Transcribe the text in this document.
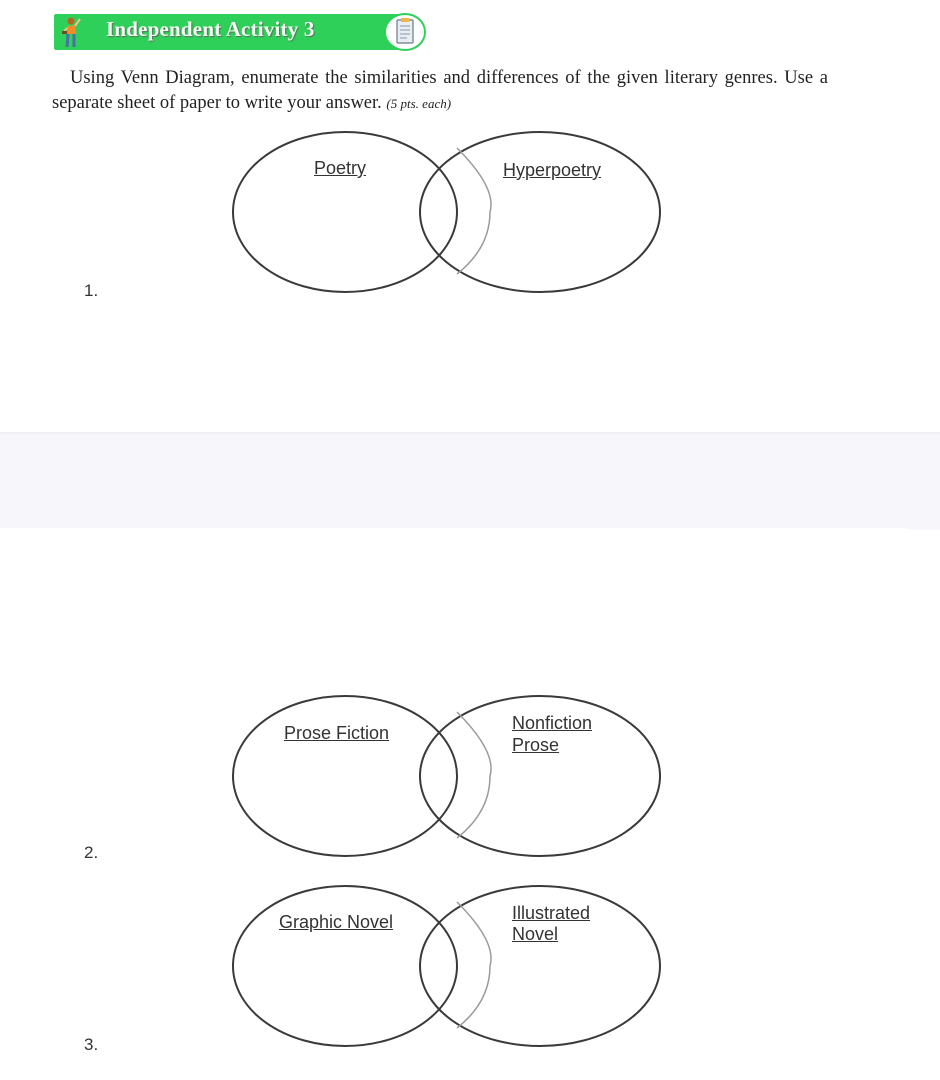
Independent Activity 3
Using Venn Diagram, enumerate the similarities and differences of the given literary genres. Use a separate sheet of paper to write your answer. (5 pts. each)
1.
Poetry	Hyperpoetry
2.
Prose Fiction	Nonfiction
Prose
3.
Graphic Novel	Illustrated
Novel
